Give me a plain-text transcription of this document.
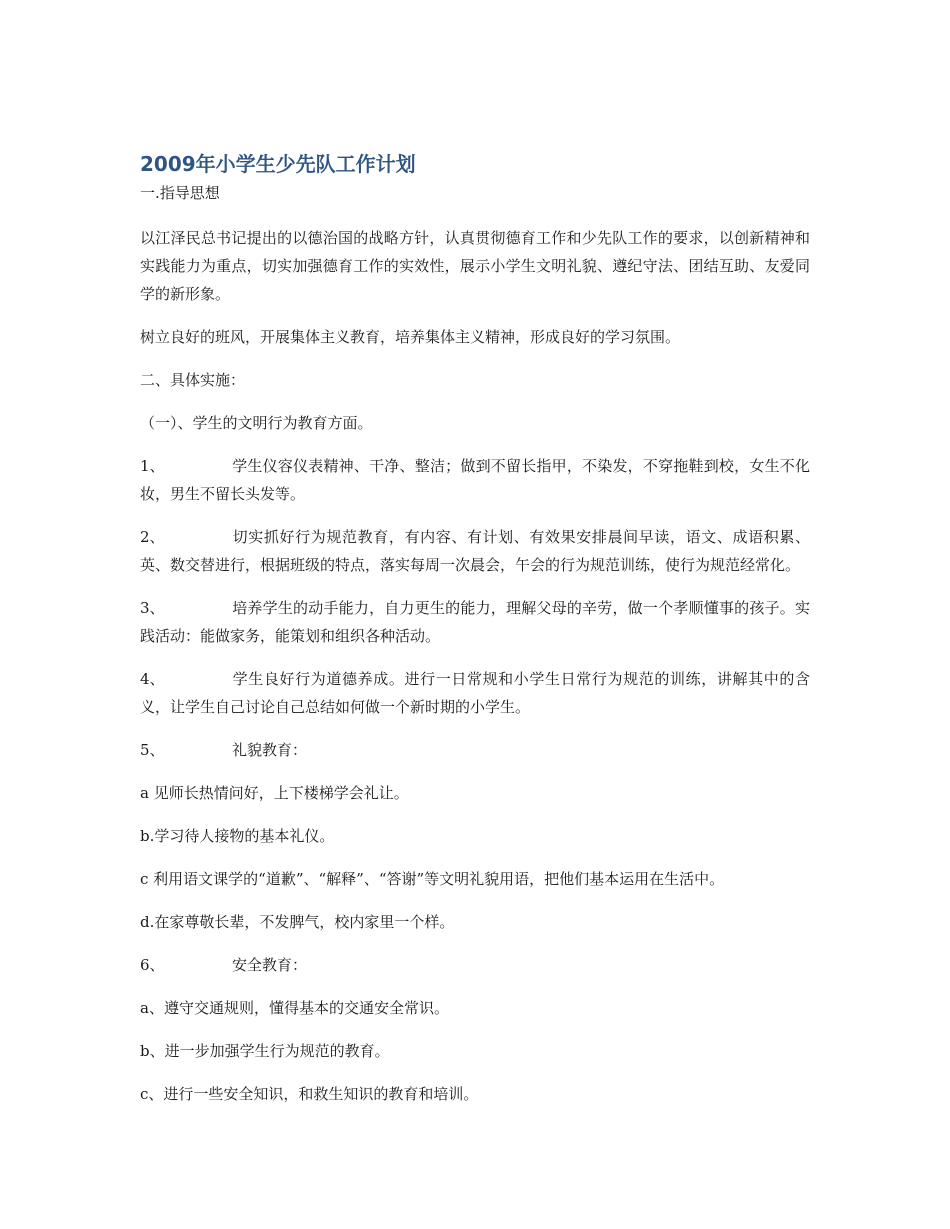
2009年小学生少先队工作计划

一.指导思想

以江泽民总书记提出的以德治国的战略方针，认真贯彻德育工作和少先队工作的要求，以创新精神和实践能力为重点，切实加强德育工作的实效性，展示小学生文明礼貌、遵纪守法、团结互助、友爱同学的新形象。

树立良好的班风，开展集体主义教育，培养集体主义精神，形成良好的学习氛围。

二、具体实施：

（一）、学生的文明行为教育方面。

1、	学生仪容仪表精神、干净、整洁；做到不留长指甲，不染发，不穿拖鞋到校，女生不化妆，男生不留长头发等。

2、	切实抓好行为规范教育，有内容、有计划、有效果安排晨间早读，语文、成语积累、英、数交替进行，根据班级的特点，落实每周一次晨会，午会的行为规范训练，使行为规范经常化。

3、	培养学生的动手能力，自力更生的能力，理解父母的辛劳，做一个孝顺懂事的孩子。实践活动：能做家务，能策划和组织各种活动。

4、	学生良好行为道德养成。进行一日常规和小学生日常行为规范的训练，讲解其中的含义，让学生自己讨论自己总结如何做一个新时期的小学生。

5、	礼貌教育：

a 见师长热情问好，上下楼梯学会礼让。

b.学习待人接物的基本礼仪。

c 利用语文课学的“道歉”、“解释”、“答谢”等文明礼貌用语，把他们基本运用在生活中。

d.在家尊敬长辈，不发脾气，校内家里一个样。

6、	安全教育：

a、遵守交通规则，懂得基本的交通安全常识。

b、进一步加强学生行为规范的教育。

c、进行一些安全知识，和救生知识的教育和培训。
